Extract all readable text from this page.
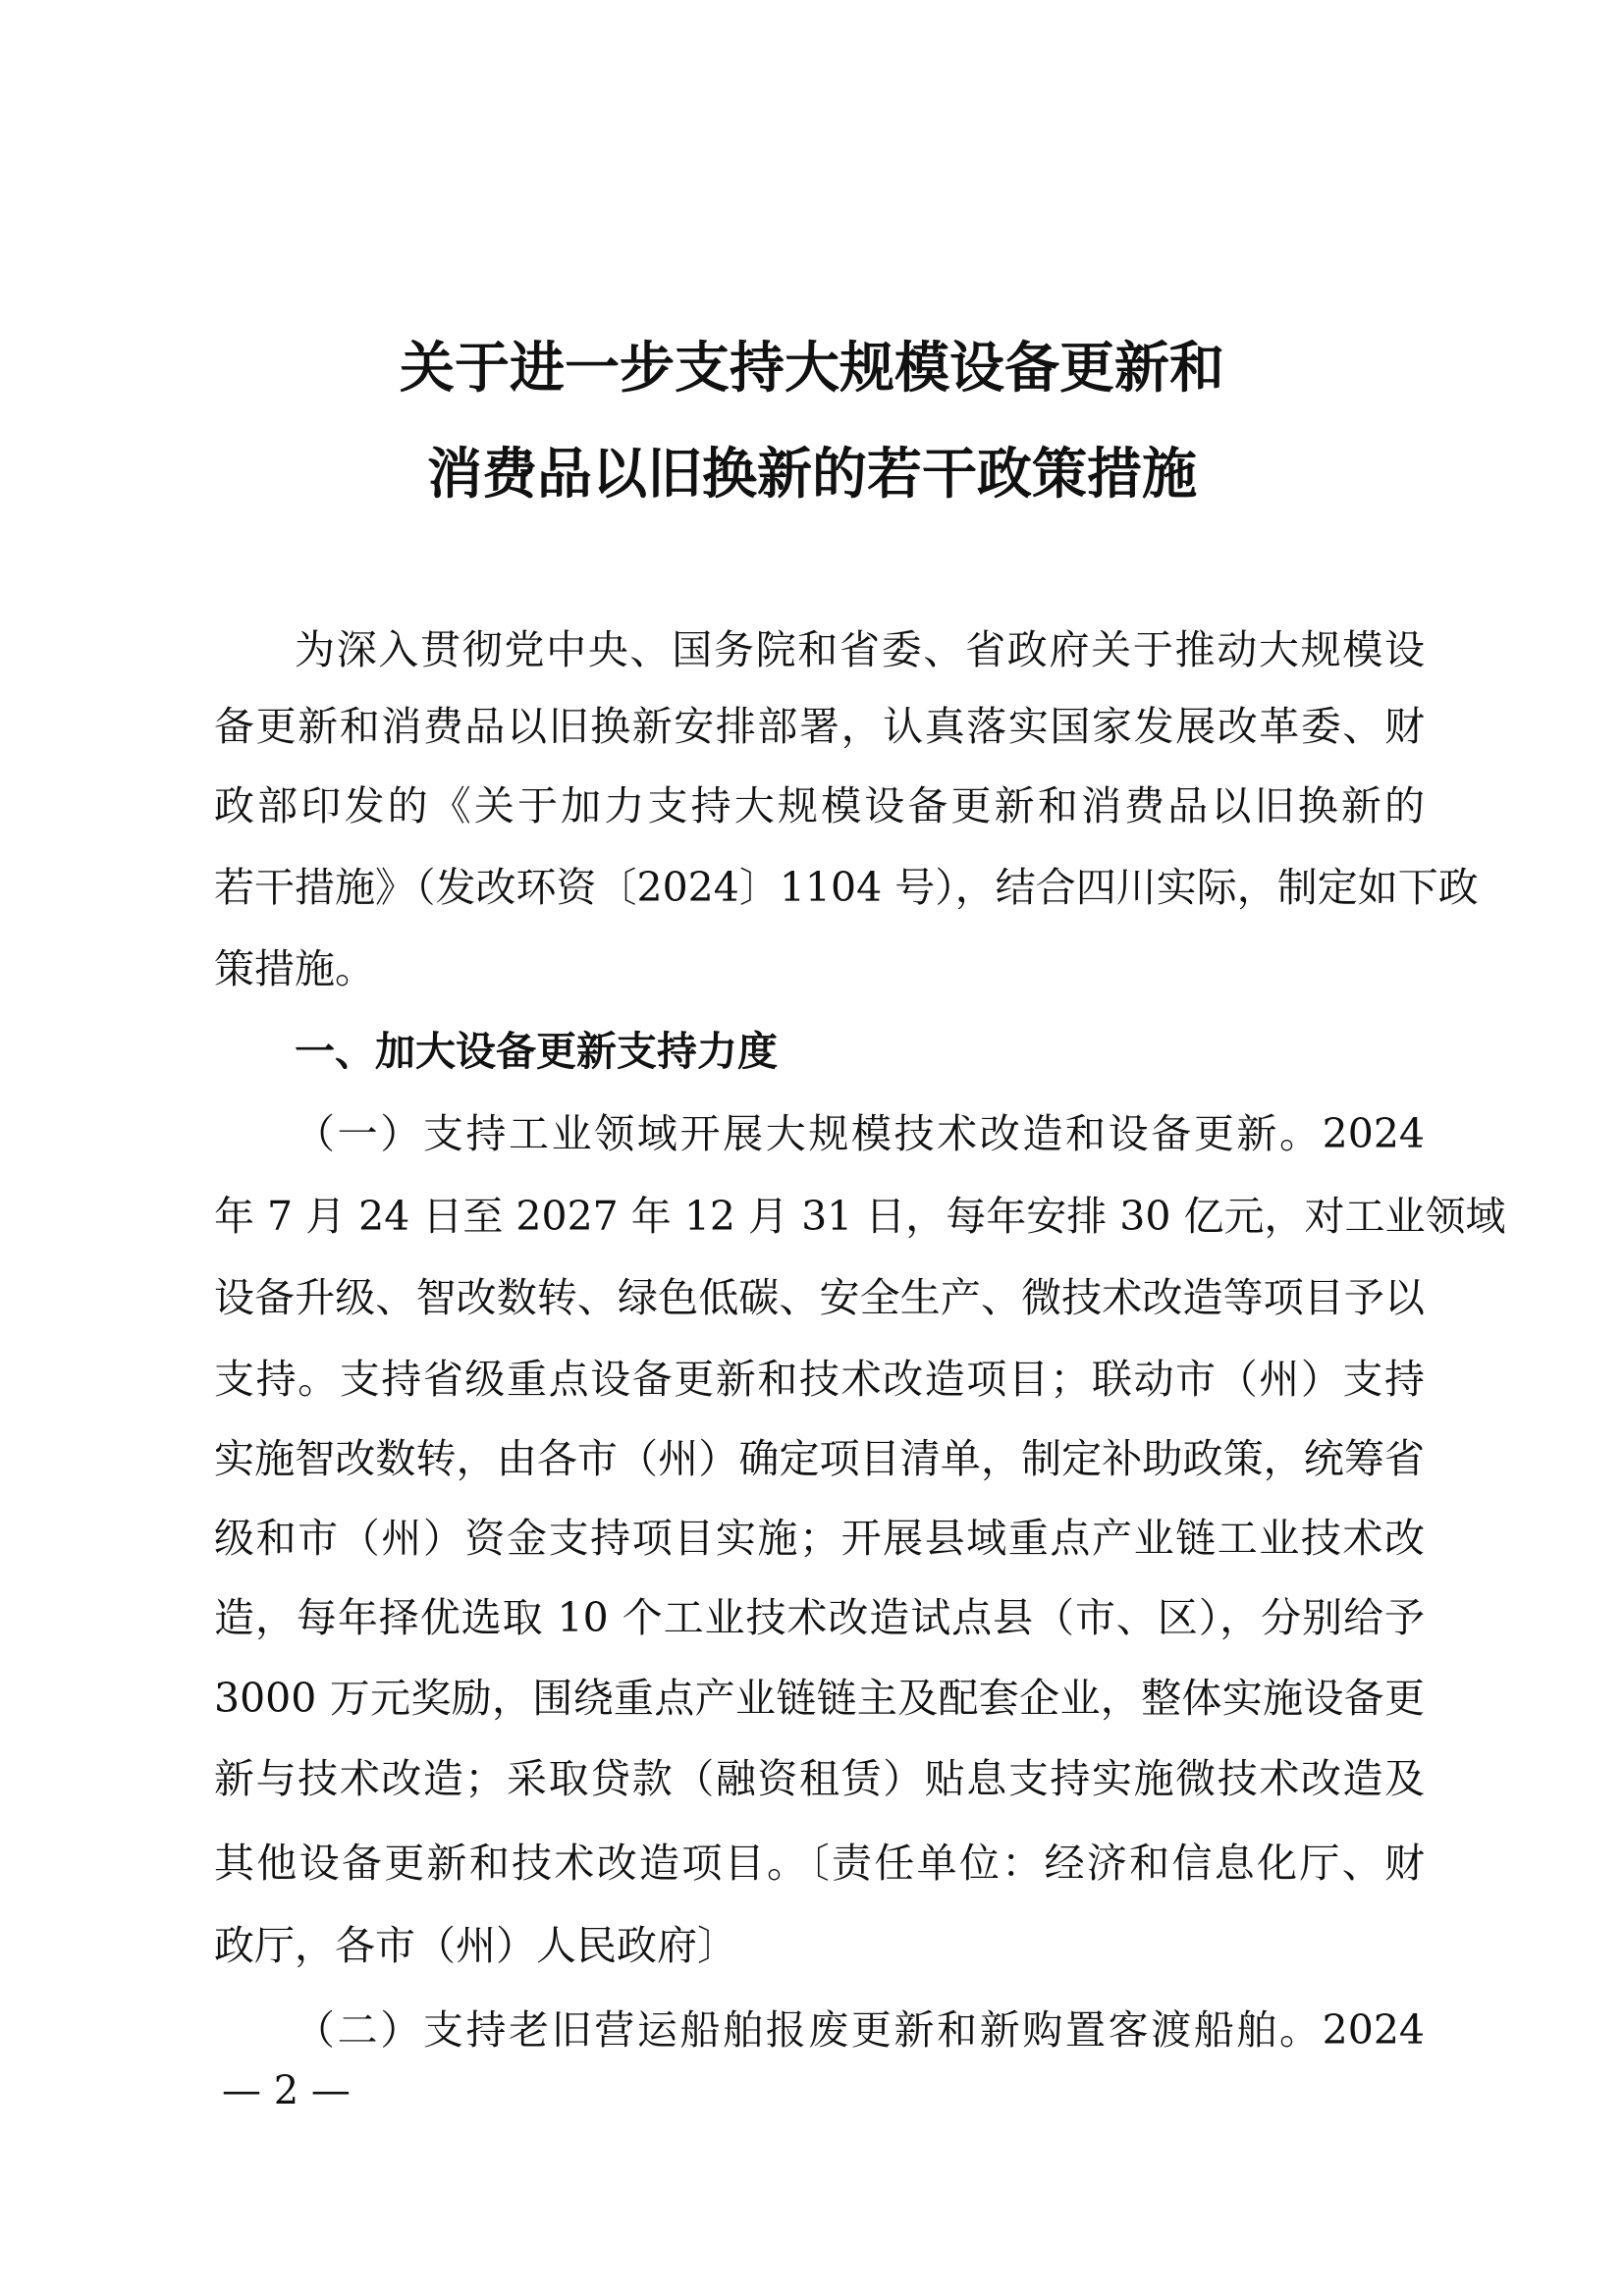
关于进一步支持大规模设备更新和
消费品以旧换新的若干政策措施
为深入贯彻党中央、国务院和省委、省政府关于推动大规模设
备更新和消费品以旧换新安排部署，认真落实国家发展改革委、财
政部印发的《关于加力支持大规模设备更新和消费品以旧换新的
若干措施》（发改环资〔2024〕1104 号），结合四川实际，制定如下政
策措施。
一、加大设备更新支持力度
（一）支持工业领域开展大规模技术改造和设备更新。2024
年 7 月 24 日至 2027 年 12 月 31 日，每年安排 30 亿元，对工业领域
设备升级、智改数转、绿色低碳、安全生产、微技术改造等项目予以
支持。支持省级重点设备更新和技术改造项目；联动市（州）支持
实施智改数转，由各市（州）确定项目清单，制定补助政策，统筹省
级和市（州）资金支持项目实施；开展县域重点产业链工业技术改
造，每年择优选取 10 个工业技术改造试点县（市、区），分别给予
3000 万元奖励，围绕重点产业链链主及配套企业，整体实施设备更
新与技术改造；采取贷款（融资租赁）贴息支持实施微技术改造及
其他设备更新和技术改造项目。〔责任单位：经济和信息化厅、财
政厅，各市（州）人民政府〕
（二）支持老旧营运船舶报废更新和新购置客渡船舶。2024
— 2 —
